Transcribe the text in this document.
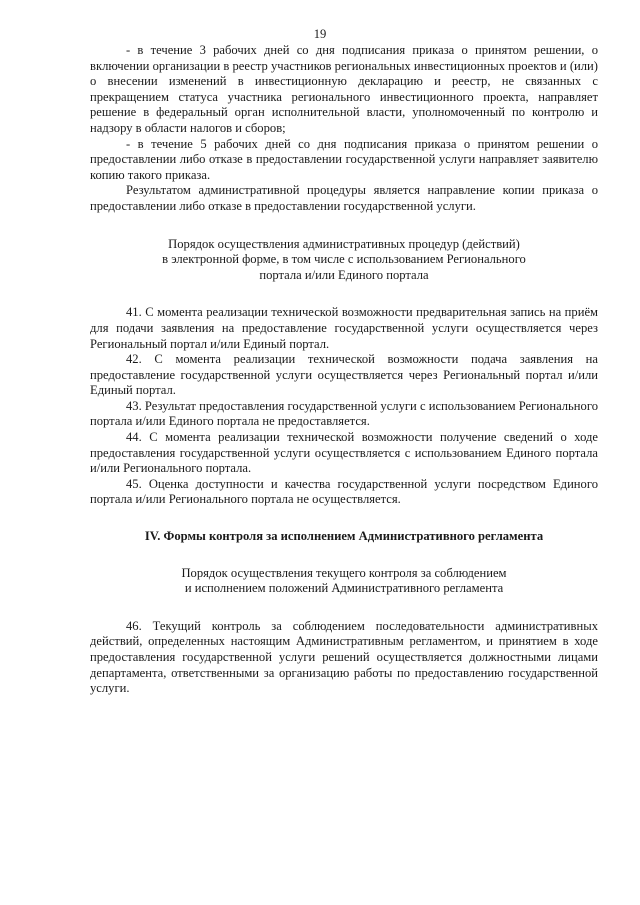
19

- в течение 3 рабочих дней со дня подписания приказа о принятом решении, о включении организации в реестр участников региональных инвестиционных проектов и (или) о внесении изменений в инвестиционную декларацию и реестр, не связанных с прекращением статуса участника регионального инвестиционного проекта, направляет решение в федеральный орган исполнительной власти, уполномоченный по контролю и надзору в области налогов и сборов;

- в течение 5 рабочих дней со дня подписания приказа о принятом решении о предоставлении либо отказе в предоставлении государственной услуги направляет заявителю копию такого приказа.

Результатом административной процедуры является направление копии приказа о предоставлении либо отказе в предоставлении государственной услуги.

Порядок осуществления административных процедур (действий)
в электронной форме, в том числе с использованием Регионального
портала и/или Единого портала

41. С момента реализации технической возможности предварительная запись на приём для подачи заявления на предоставление государственной услуги осуществляется через Региональный портал и/или Единый портал.

42. С момента реализации технической возможности подача заявления на предоставление государственной услуги осуществляется через Региональный портал и/или Единый портал.

43. Результат предоставления государственной услуги с использованием Регионального портала и/или Единого портала не предоставляется.

44. С момента реализации технической возможности получение сведений о ходе предоставления государственной услуги осуществляется с использованием Единого портала и/или Регионального портала.

45. Оценка доступности и качества государственной услуги посредством Единого портала и/или Регионального портала не осуществляется.

IV. Формы контроля за исполнением Административного регламента
Порядок осуществления текущего контроля за соблюдением
и исполнением положений Административного регламента

46. Текущий контроль за соблюдением последовательности административных действий, определенных настоящим Административным регламентом, и принятием в ходе предоставления государственной услуги решений осуществляется должностными лицами департамента, ответственными за организацию работы по предоставлению государственной услуги.
